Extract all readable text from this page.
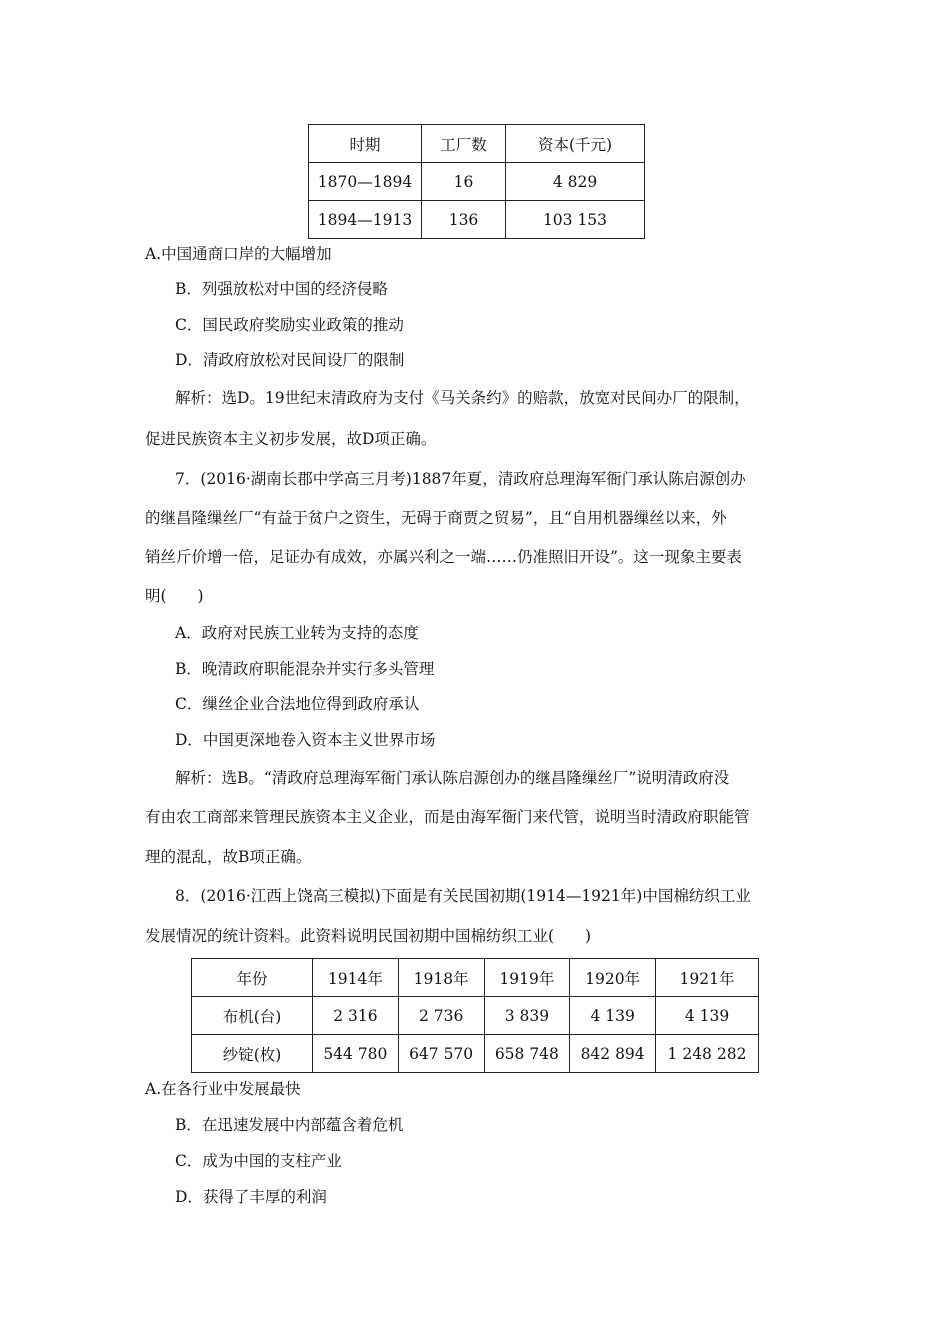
时期	工厂数	资本(千元)
1870—1894	16	4 829
1894—1913	136	103 153
A.中国通商口岸的大幅增加
B．列强放松对中国的经济侵略
C．国民政府奖励实业政策的推动
D．清政府放松对民间设厂的限制
解析：选D。19世纪末清政府为支付《马关条约》的赔款，放宽对民间办厂的限制，
促进民族资本主义初步发展，故D项正确。
7．(2016·湖南长郡中学高三月考)1887年夏，清政府总理海军衙门承认陈启源创办
的继昌隆缫丝厂“有益于贫户之资生，无碍于商贾之贸易”，且“自用机器缫丝以来，外
销丝斤价增一倍，足证办有成效，亦属兴利之一端……仍准照旧开设”。这一现象主要表
明(　　)
A．政府对民族工业转为支持的态度
B．晚清政府职能混杂并实行多头管理
C．缫丝企业合法地位得到政府承认
D．中国更深地卷入资本主义世界市场
解析：选B。“清政府总理海军衙门承认陈启源创办的继昌隆缫丝厂”说明清政府没
有由农工商部来管理民族资本主义企业，而是由海军衙门来代管，说明当时清政府职能管
理的混乱，故B项正确。
8．(2016·江西上饶高三模拟)下面是有关民国初期(1914—1921年)中国棉纺织工业
发展情况的统计资料。此资料说明民国初期中国棉纺织工业(　　)
年份	1914年	1918年	1919年	1920年	1921年
布机(台)	2 316	2 736	3 839	4 139	4 139
纱锭(枚)	544 780	647 570	658 748	842 894	1 248 282
A.在各行业中发展最快
B．在迅速发展中内部蕴含着危机
C．成为中国的支柱产业
D．获得了丰厚的利润
